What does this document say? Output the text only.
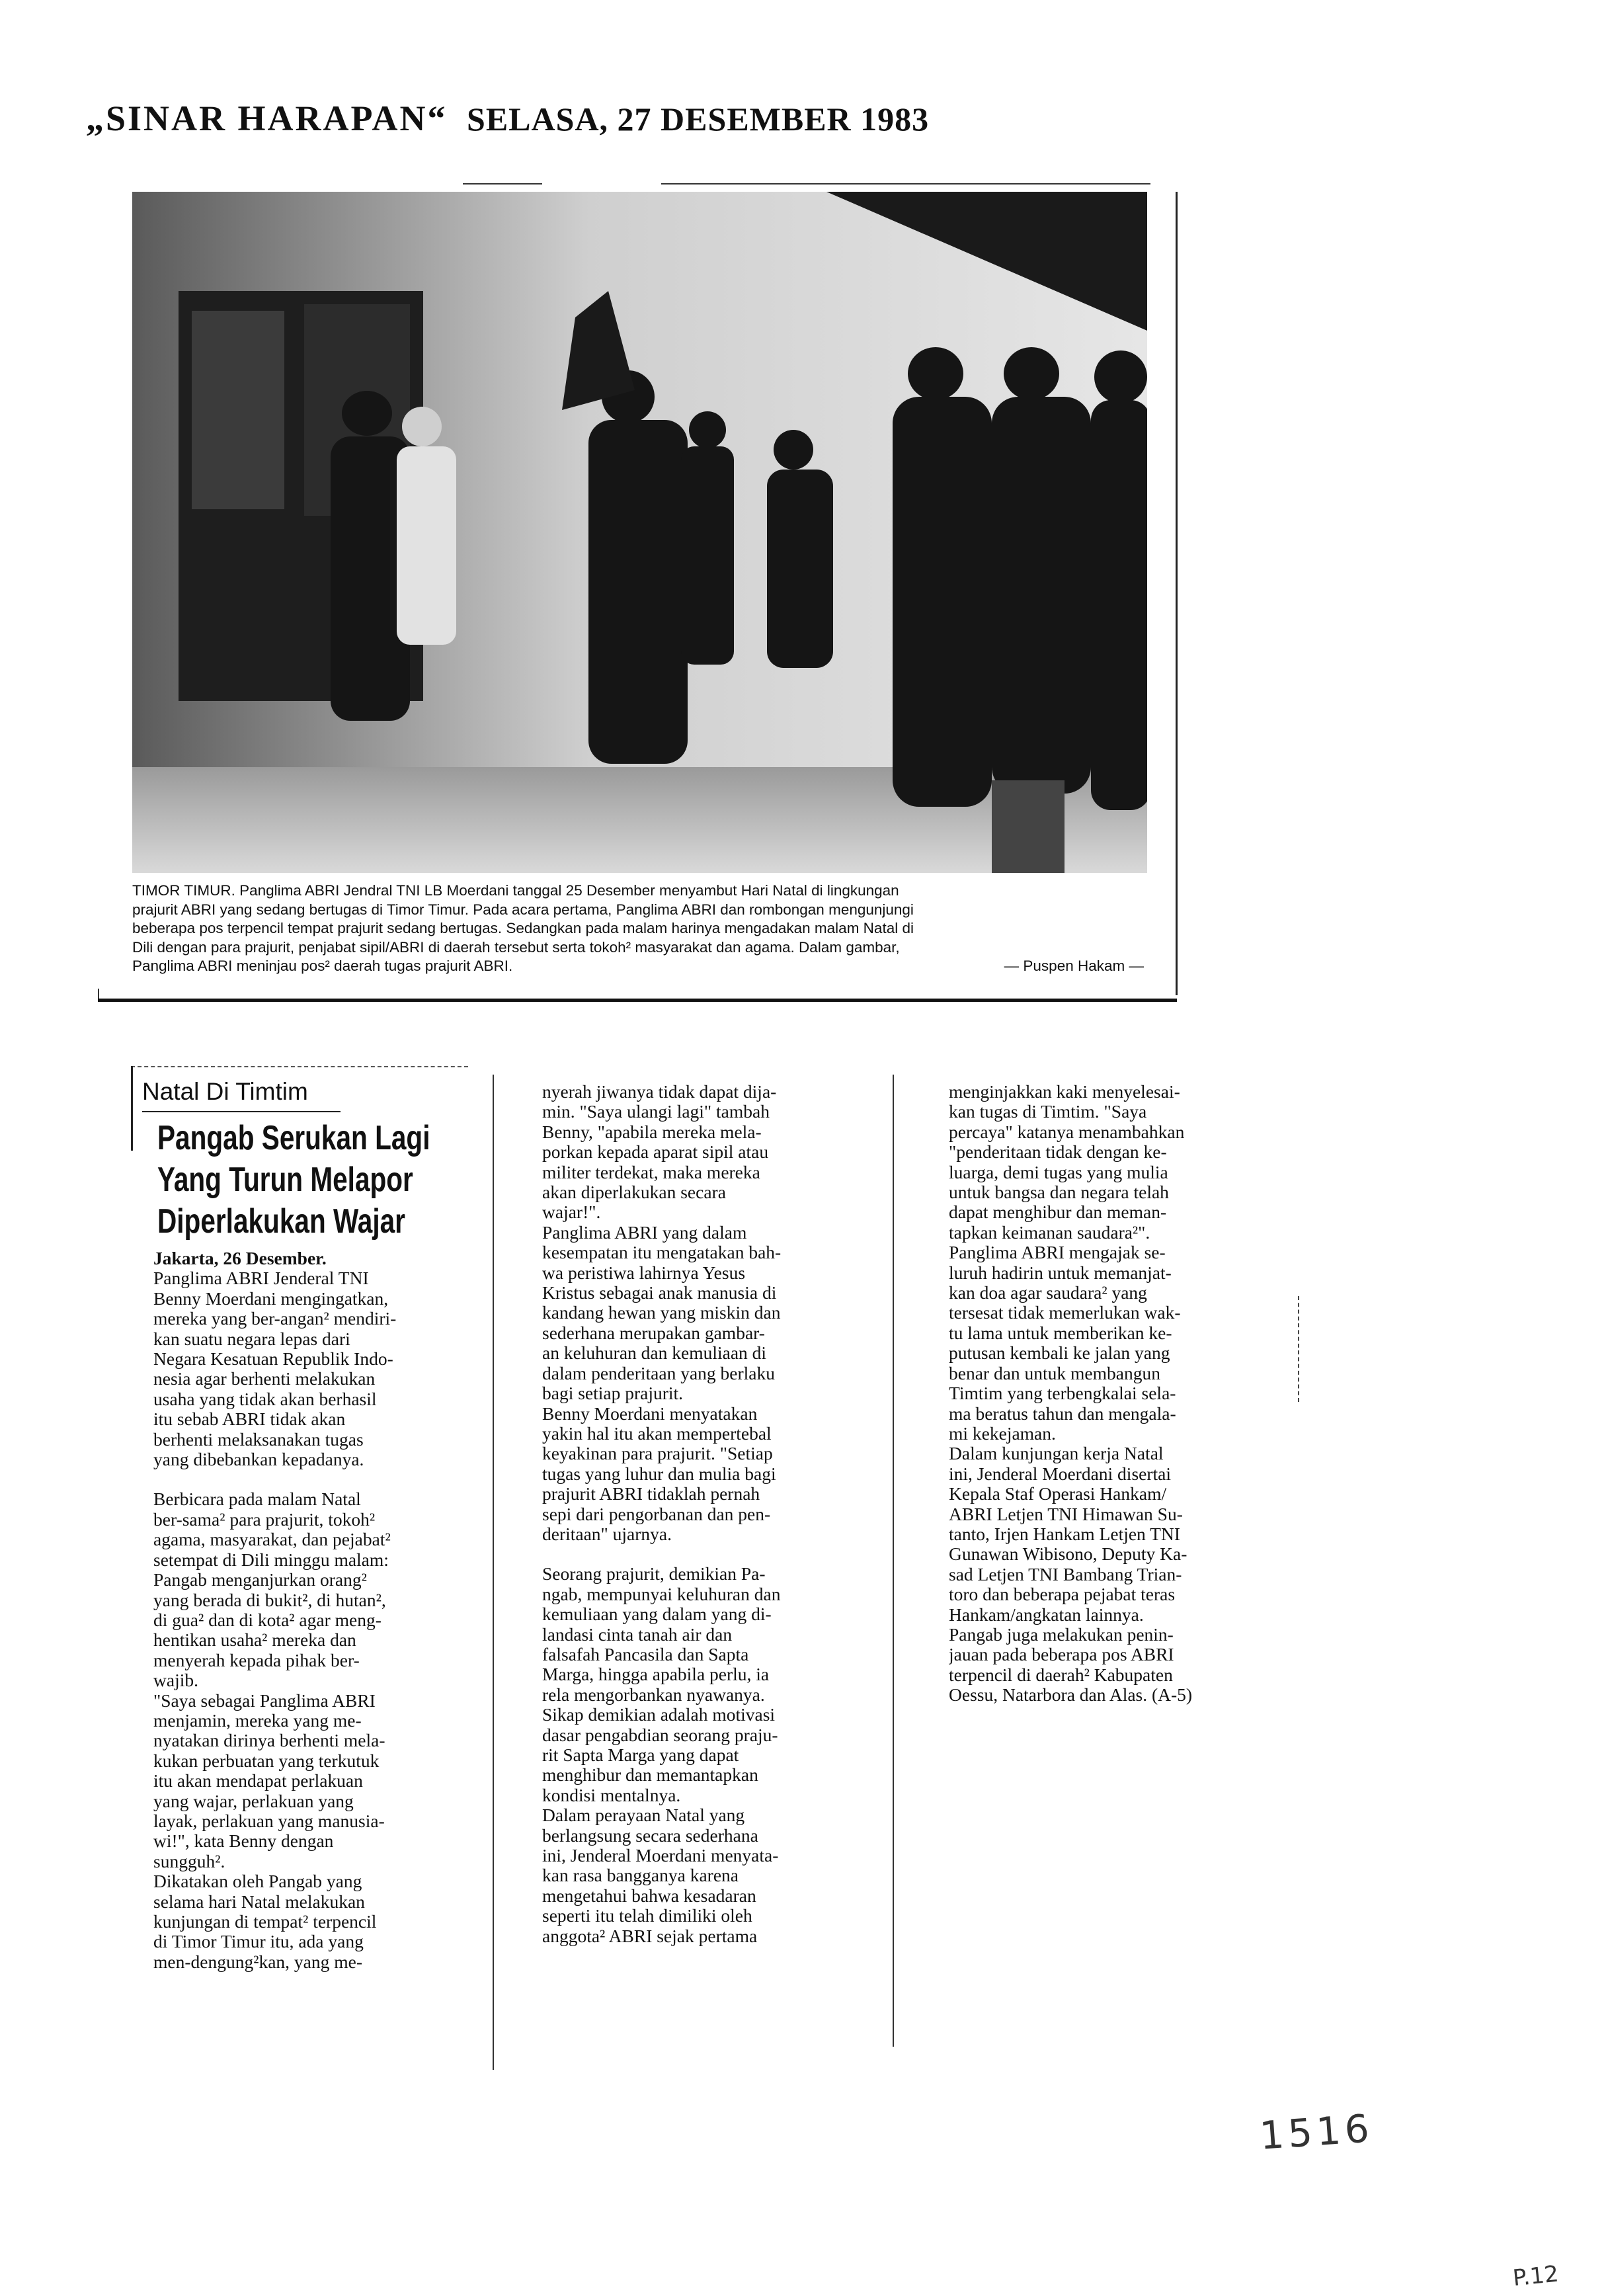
„SINAR HARAPAN“ SELASA, 27 DESEMBER 1983
TIMOR TIMUR. Panglima ABRI Jendral TNI LB Moerdani tanggal 25 Desember menyambut Hari Natal di lingkungan
prajurit ABRI yang sedang bertugas di Timor Timur. Pada acara pertama, Panglima ABRI dan rombongan mengunjungi
beberapa pos terpencil tempat prajurit sedang bertugas. Sedangkan pada malam harinya mengadakan malam Natal di
Dili dengan para prajurit, penjabat sipil/ABRI di daerah tersebut serta tokoh² masyarakat dan agama. Dalam gambar,
Panglima ABRI meninjau pos² daerah tugas prajurit ABRI.	— Puspen Hakam —
Natal Di Timtim
Pangab Serukan Lagi
Yang Turun Melapor
Diperlakukan Wajar
Jakarta, 26 Desember.
Panglima ABRI Jenderal TNI
Benny Moerdani mengingatkan,
mereka yang ber-angan² mendiri-
kan suatu negara lepas dari
Negara Kesatuan Republik Indo-
nesia agar berhenti melakukan
usaha yang tidak akan berhasil
itu sebab ABRI tidak akan
berhenti melaksanakan tugas
yang dibebankan kepadanya.
Berbicara pada malam Natal
ber-sama² para prajurit, tokoh²
agama, masyarakat, dan pejabat²
setempat di Dili minggu malam:
Pangab menganjurkan orang²
yang berada di bukit², di hutan²,
di gua² dan di kota² agar meng-
hentikan usaha² mereka dan
menyerah kepada pihak ber-
wajib.
"Saya sebagai Panglima ABRI
menjamin, mereka yang me-
nyatakan dirinya berhenti mela-
kukan perbuatan yang terkutuk
itu akan mendapat perlakuan
yang wajar, perlakuan yang
layak, perlakuan yang manusia-
wi!", kata Benny dengan
sungguh².
Dikatakan oleh Pangab yang
selama hari Natal melakukan
kunjungan di tempat² terpencil
di Timor Timur itu, ada yang
men-dengung²kan, yang me-
nyerah jiwanya tidak dapat dija-
min. "Saya ulangi lagi" tambah
Benny, "apabila mereka mela-
porkan kepada aparat sipil atau
militer terdekat, maka mereka
akan diperlakukan secara
wajar!".
Panglima ABRI yang dalam
kesempatan itu mengatakan bah-
wa peristiwa lahirnya Yesus
Kristus sebagai anak manusia di
kandang hewan yang miskin dan
sederhana merupakan gambar-
an keluhuran dan kemuliaan di
dalam penderitaan yang berlaku
bagi setiap prajurit.
Benny Moerdani menyatakan
yakin hal itu akan mempertebal
keyakinan para prajurit. "Setiap
tugas yang luhur dan mulia bagi
prajurit ABRI tidaklah pernah
sepi dari pengorbanan dan pen-
deritaan" ujarnya.
Seorang prajurit, demikian Pa-
ngab, mempunyai keluhuran dan
kemuliaan yang dalam yang di-
landasi cinta tanah air dan
falsafah Pancasila dan Sapta
Marga, hingga apabila perlu, ia
rela mengorbankan nyawanya.
Sikap demikian adalah motivasi
dasar pengabdian seorang praju-
rit Sapta Marga yang dapat
menghibur dan memantapkan
kondisi mentalnya.
Dalam perayaan Natal yang
berlangsung secara sederhana
ini, Jenderal Moerdani menyata-
kan rasa bangganya karena
mengetahui bahwa kesadaran
seperti itu telah dimiliki oleh
anggota² ABRI sejak pertama
menginjakkan kaki menyelesai-
kan tugas di Timtim. "Saya
percaya" katanya menambahkan
"penderitaan tidak dengan ke-
luarga, demi tugas yang mulia
untuk bangsa dan negara telah
dapat menghibur dan meman-
tapkan keimanan saudara²".
Panglima ABRI mengajak se-
luruh hadirin untuk memanjat-
kan doa agar saudara² yang
tersesat tidak memerlukan wak-
tu lama untuk memberikan ke-
putusan kembali ke jalan yang
benar dan untuk membangun
Timtim yang terbengkalai sela-
ma beratus tahun dan mengala-
mi kekejaman.
Dalam kunjungan kerja Natal
ini, Jenderal Moerdani disertai
Kepala Staf Operasi Hankam/
ABRI Letjen TNI Himawan Su-
tanto, Irjen Hankam Letjen TNI
Gunawan Wibisono, Deputy Ka-
sad Letjen TNI Bambang Trian-
toro dan beberapa pejabat teras
Hankam/angkatan lainnya.
Pangab juga melakukan penin-
jauan pada beberapa pos ABRI
terpencil di daerah² Kabupaten
Oessu, Natarbora dan Alas. (A-5)
1516
P.12
